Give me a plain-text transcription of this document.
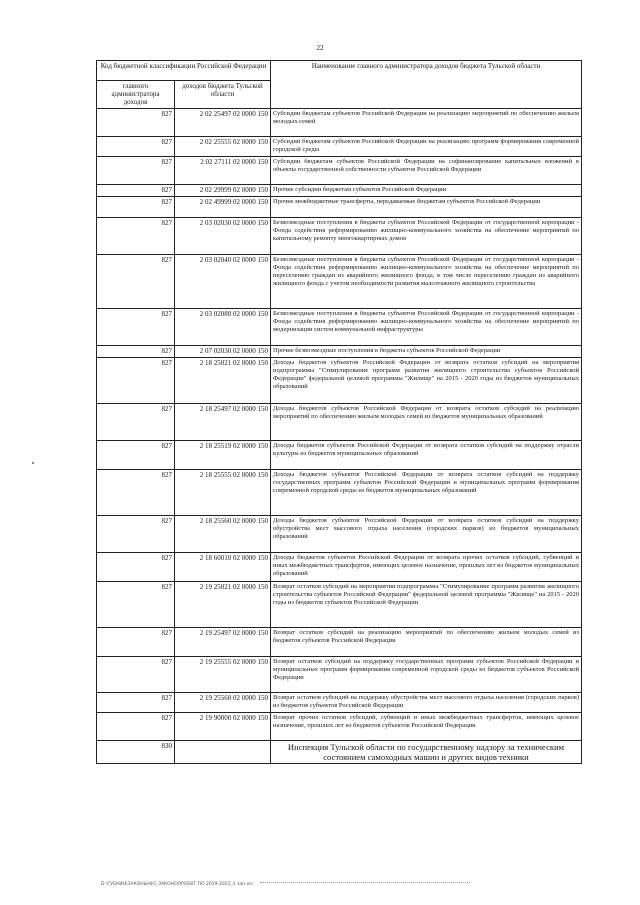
22
Код бюджетной классификации Российской Федерации		Наименование главного администратора доходов бюджета Тульской области
главного администратора доходов	доходов бюджета Тульской области	
827	2 02 25497 02 0000 150	Субсидии бюджетам субъектов Российской Федерации на реализацию мероприятий по обеспечению жильем молодых семей
827	2 02 25555 02 0000 150	Субсидии бюджетам субъектов Российской Федерации на реализацию программ формирования современной городской среды
827	2 02 27111 02 0000 150	Субсидии бюджетам субъектов Российской Федерации на софинансирование капитальных вложений в объекты государственной собственности субъектов Российской Федерации
827	2 02 29999 02 0000 150	Прочие субсидии бюджетам субъектов Российской Федерации
827	2 02 49999 02 0000 150	Прочие межбюджетные трансферты, передаваемые бюджетам субъектов Российской Федерации
827	2 03 02030 02 0000 150	Безвозмездные поступления в бюджеты субъектов Российской Федерации от государственной корпорации - Фонда содействия реформированию жилищно-коммунального хозяйства на обеспечение мероприятий по капитальному ремонту многоквартирных домов
827	2 03 02040 02 0000 150	Безвозмездные поступления в бюджеты субъектов Российской Федерации от государственной корпорации - Фонда содействия реформированию жилищно-коммунального хозяйства на обеспечение мероприятий по переселению граждан из аварийного жилищного фонда, в том числе переселению граждан из аварийного жилищного фонда с учетом необходимости развития малоэтажного жилищного строительства
827	2 03 02080 02 0000 150	Безвозмездные поступления в бюджеты субъектов Российской Федерации от государственной корпорации - Фонда содействия реформированию жилищно-коммунального хозяйства на обеспечение мероприятий по модернизации систем коммунальной инфраструктуры
827	2 07 02030 02 0000 150	Прочие безвозмездные поступления в бюджеты субъектов Российской Федерации
827	2 18 25021 02 0000 150	Доходы бюджетов субъектов Российской Федерации от возврата остатков субсидий на мероприятия подпрограммы "Стимулирование программ развития жилищного строительства субъектов Российской Федерации" федеральной целевой программы "Жилище" на 2015 - 2020 годы из бюджетов муниципальных образований
827	2 18 25497 02 0000 150	Доходы бюджетов субъектов Российской Федерации от возврата остатков субсидий на реализацию мероприятий по обеспечению жильем молодых семей из бюджетов муниципальных образований
827	2 18 25519 02 0000 150	Доходы бюджетов субъектов Российской Федерации от возврата остатков субсидий на поддержку отрасли культуры из бюджетов муниципальных образований
827	2 18 25555 02 0000 150	Доходы бюджетов субъектов Российской Федерации от возврата остатков субсидий на поддержку государственных программ субъектов Российской Федерации и муниципальных программ формирования современной городской среды из бюджетов муниципальных образований
827	2 18 25560 02 0000 150	Доходы бюджетов субъектов Российской Федерации от возврата остатков субсидий на поддержку обустройства мест массового отдыха населения (городских парков) из бюджетов муниципальных образований
827	2 18 60010 02 0000 150	Доходы бюджетов субъектов Российской Федерации от возврата прочих остатков субсидий, субвенций и иных межбюджетных трансфертов, имеющих целевое назначение, прошлых лет из бюджетов муниципальных образований
827	2 19 25021 02 0000 150	Возврат остатков субсидий на мероприятия подпрограммы "Стимулирование программ развития жилищного строительства субъектов Российской Федерации" федеральной целевой программы "Жилище" на 2015 - 2020 годы из бюджетов субъектов Российской Федерации
827	2 19 25497 02 0000 150	Возврат остатков субсидий на реализацию мероприятий по обеспечению жильем молодых семей из бюджетов субъектов Российской Федерации
827	2 19 25555 02 0000 150	Возврат остатков субсидий на поддержку государственных программ субъектов Российской Федерации и муниципальных программ формирования современной городской среды из бюджетов субъектов Российской Федерации
827	2 19 25560 02 0000 150	Возврат остатков субсидий на поддержку обустройства мест массового отдыха населения (городских парков) из бюджетов субъектов Российской Федерации
827	2 19 90000 02 0000 150	Возврат прочих остатков субсидий, субвенций и иных межбюджетных трансфертов, имеющих целевое назначение, прошлых лет из бюджетов субъектов Российской Федерации
830		Инспекция Тульской области по государственному надзору за техническим состоянием самоходных машин и других видов техники
D:\ГУБКИН\ЗАКОНЫ\ФЗ_ЗАКОНОПРОЕКТ ПО 2019-2021_1 зап.xls
